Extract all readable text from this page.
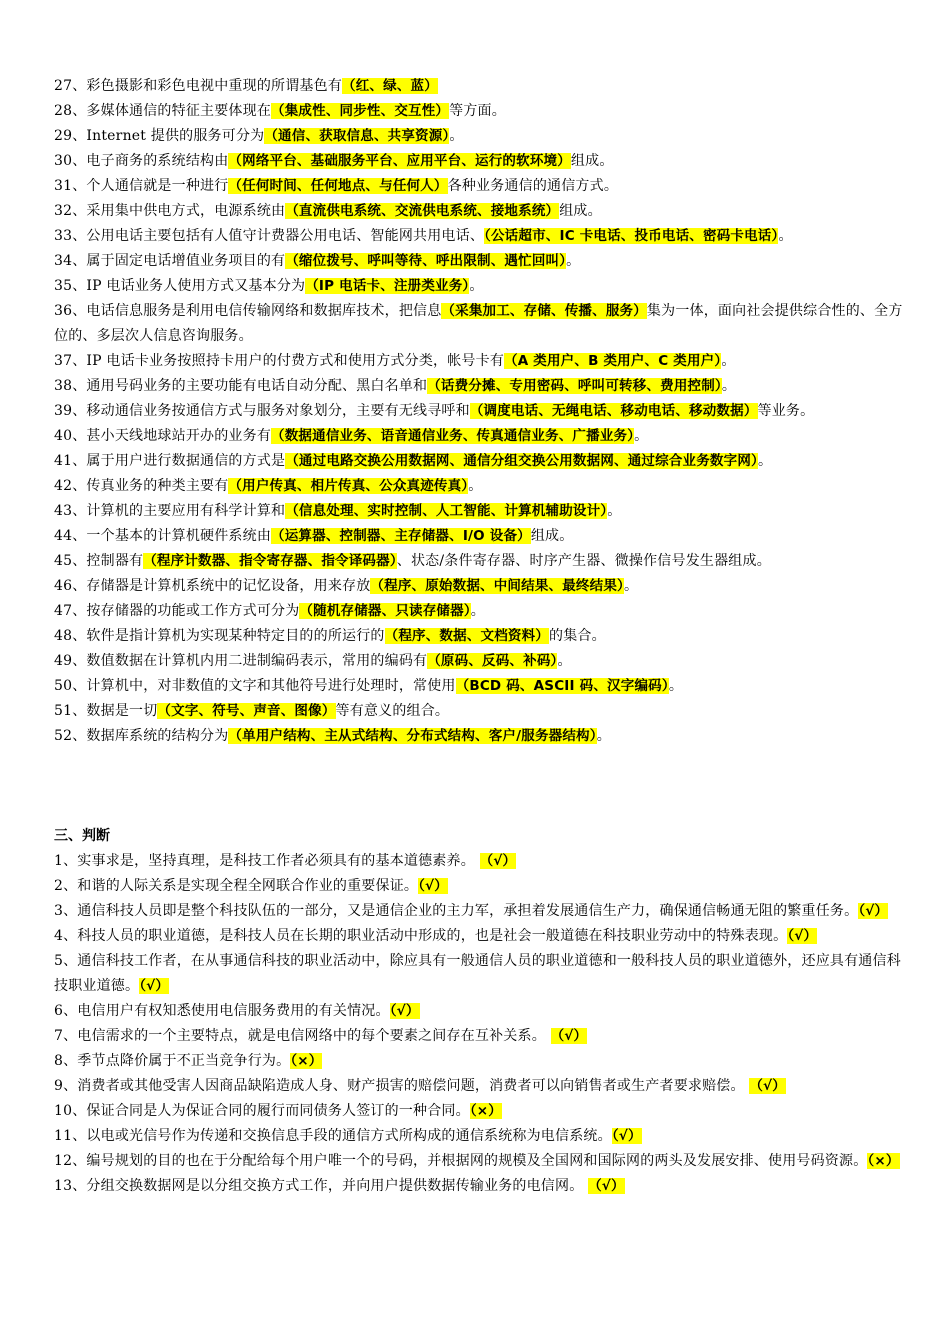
27、彩色摄影和彩色电视中重现的所谓基色有（红、绿、蓝）
28、多媒体通信的特征主要体现在（集成性、同步性、交互性）等方面。
29、Internet 提供的服务可分为（通信、获取信息、共享资源）。
30、电子商务的系统结构由（网络平台、基础服务平台、应用平台、运行的软环境）组成。
31、个人通信就是一种进行（任何时间、任何地点、与任何人）各种业务通信的通信方式。
32、采用集中供电方式，电源系统由（直流供电系统、交流供电系统、接地系统）组成。
33、公用电话主要包括有人值守计费器公用电话、智能网共用电话、（公话超市、IC 卡电话、投币电话、密码卡电话）。
34、属于固定电话增值业务项目的有（缩位拨号、呼叫等待、呼出限制、遇忙回叫）。
35、IP 电话业务人使用方式又基本分为（IP 电话卡、注册类业务）。
36、电话信息服务是利用电信传输网络和数据库技术，把信息（采集加工、存储、传播、服务）集为一体，面向社会提供综合性的、全方位的、多层次人信息咨询服务。
37、IP 电话卡业务按照持卡用户的付费方式和使用方式分类，帐号卡有（A 类用户、B 类用户、C 类用户）。
38、通用号码业务的主要功能有电话自动分配、黑白名单和（话费分摊、专用密码、呼叫可转移、费用控制）。
39、移动通信业务按通信方式与服务对象划分，主要有无线寻呼和（调度电话、无绳电话、移动电话、移动数据）等业务。
40、甚小天线地球站开办的业务有（数据通信业务、语音通信业务、传真通信业务、广播业务）。
41、属于用户进行数据通信的方式是（通过电路交换公用数据网、通信分组交换公用数据网、通过综合业务数字网）。
42、传真业务的种类主要有（用户传真、相片传真、公众真迹传真）。
43、计算机的主要应用有科学计算和（信息处理、实时控制、人工智能、计算机辅助设计）。
44、一个基本的计算机硬件系统由（运算器、控制器、主存储器、I/O 设备）组成。
45、控制器有（程序计数器、指令寄存器、指令译码器）、状态/条件寄存器、时序产生器、微操作信号发生器组成。
46、存储器是计算机系统中的记忆设备，用来存放（程序、原始数据、中间结果、最终结果）。
47、按存储器的功能或工作方式可分为（随机存储器、只读存储器）。
48、软件是指计算机为实现某种特定目的的所运行的（程序、数据、文档资料）的集合。
49、数值数据在计算机内用二进制编码表示，常用的编码有（原码、反码、补码）。
50、计算机中，对非数值的文字和其他符号进行处理时，常使用（BCD 码、ASCII 码、汉字编码）。
51、数据是一切（文字、符号、声音、图像）等有意义的组合。
52、数据库系统的结构分为（单用户结构、主从式结构、分布式结构、客户/服务器结构）。
三、判断
1、实事求是，坚持真理，是科技工作者必须具有的基本道德素养。 （√）
2、和谐的人际关系是实现全程全网联合作业的重要保证。（√）
3、通信科技人员即是整个科技队伍的一部分，又是通信企业的主力军，承担着发展通信生产力，确保通信畅通无阻的繁重任务。（√）
4、科技人员的职业道德，是科技人员在长期的职业活动中形成的，也是社会一般道德在科技职业劳动中的特殊表现。（√）
5、通信科技工作者，在从事通信科技的职业活动中，除应具有一般通信人员的职业道德和一般科技人员的职业道德外，还应具有通信科技职业道德。（√）
6、电信用户有权知悉使用电信服务费用的有关情况。（√）
7、电信需求的一个主要特点，就是电信网络中的每个要素之间存在互补关系。 （√）
8、季节点降价属于不正当竞争行为。（×）
9、消费者或其他受害人因商品缺陷造成人身、财产损害的赔偿问题，消费者可以向销售者或生产者要求赔偿。 （√）
10、保证合同是人为保证合同的履行而同债务人签订的一种合同。（×）
11、以电或光信号作为传递和交换信息手段的通信方式所构成的通信系统称为电信系统。（√）
12、编号规划的目的也在于分配给每个用户唯一个的号码，并根据网的规模及全国网和国际网的两头及发展安排、使用号码资源。（×）
13、分组交换数据网是以分组交换方式工作，并向用户提供数据传输业务的电信网。 （√）
